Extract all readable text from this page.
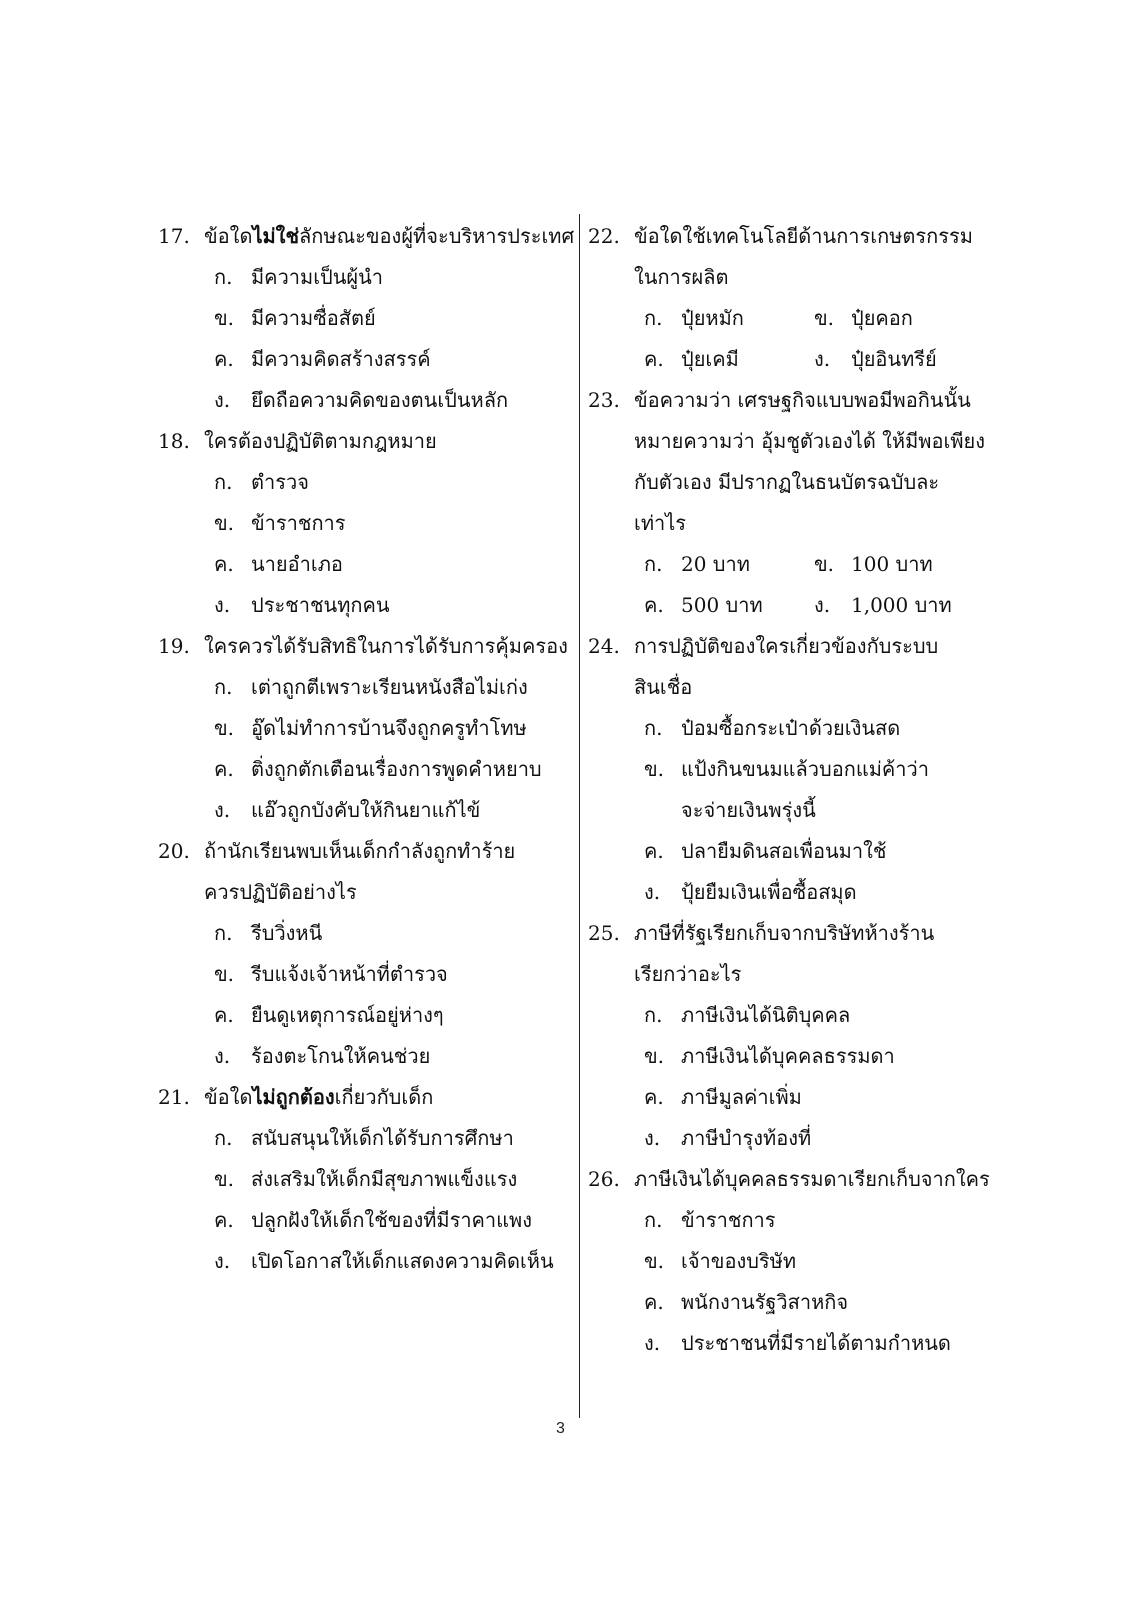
17. ข้อใดไม่ใช่ลักษณะของผู้ที่จะบริหารประเทศ
ก. มีความเป็นผู้นำ
ข. มีความซื่อสัตย์
ค. มีความคิดสร้างสรรค์
ง. ยึดถือความคิดของตนเป็นหลัก
18. ใครต้องปฏิบัติตามกฎหมาย
ก. ตำรวจ
ข. ข้าราชการ
ค. นายอำเภอ
ง. ประชาชนทุกคน
19. ใครควรได้รับสิทธิในการได้รับการคุ้มครอง
ก. เต่าถูกตีเพราะเรียนหนังสือไม่เก่ง
ข. อู๊ดไม่ทำการบ้านจึงถูกครูทำโทษ
ค. ติ่งถูกตักเตือนเรื่องการพูดคำหยาบ
ง. แอ๊วถูกบังคับให้กินยาแก้ไข้
20. ถ้านักเรียนพบเห็นเด็กกำลังถูกทำร้าย
ควรปฏิบัติอย่างไร
ก. รีบวิ่งหนี
ข. รีบแจ้งเจ้าหน้าที่ตำรวจ
ค. ยืนดูเหตุการณ์อยู่ห่างๆ
ง. ร้องตะโกนให้คนช่วย
21. ข้อใดไม่ถูกต้องเกี่ยวกับเด็ก
ก. สนับสนุนให้เด็กได้รับการศึกษา
ข. ส่งเสริมให้เด็กมีสุขภาพแข็งแรง
ค. ปลูกฝังให้เด็กใช้ของที่มีราคาแพง
ง. เปิดโอกาสให้เด็กแสดงความคิดเห็น
22. ข้อใดใช้เทคโนโลยีด้านการเกษตรกรรม
ในการผลิต
ก. ปุ๋ยหมัก	ข. ปุ๋ยคอก
ค. ปุ๋ยเคมี	ง. ปุ๋ยอินทรีย์
23. ข้อความว่า เศรษฐกิจแบบพอมีพอกินนั้น
หมายความว่า อุ้มชูตัวเองได้ ให้มีพอเพียง
กับตัวเอง มีปรากฏในธนบัตรฉบับละ
เท่าไร
ก. 20 บาท	ข. 100 บาท
ค. 500 บาท	ง. 1,000 บาท
24. การปฏิบัติของใครเกี่ยวข้องกับระบบ
สินเชื่อ
ก. ป๋อมซื้อกระเป๋าด้วยเงินสด
ข. แป้งกินขนมแล้วบอกแม่ค้าว่า
จะจ่ายเงินพรุ่งนี้
ค. ปลายืมดินสอเพื่อนมาใช้
ง. ปุ้ยยืมเงินเพื่อซื้อสมุด
25. ภาษีที่รัฐเรียกเก็บจากบริษัทห้างร้าน
เรียกว่าอะไร
ก. ภาษีเงินได้นิติบุคคล
ข. ภาษีเงินได้บุคคลธรรมดา
ค. ภาษีมูลค่าเพิ่ม
ง. ภาษีบำรุงท้องที่
26. ภาษีเงินได้บุคคลธรรมดาเรียกเก็บจากใคร
ก. ข้าราชการ
ข. เจ้าของบริษัท
ค. พนักงานรัฐวิสาหกิจ
ง. ประชาชนที่มีรายได้ตามกำหนด
3
